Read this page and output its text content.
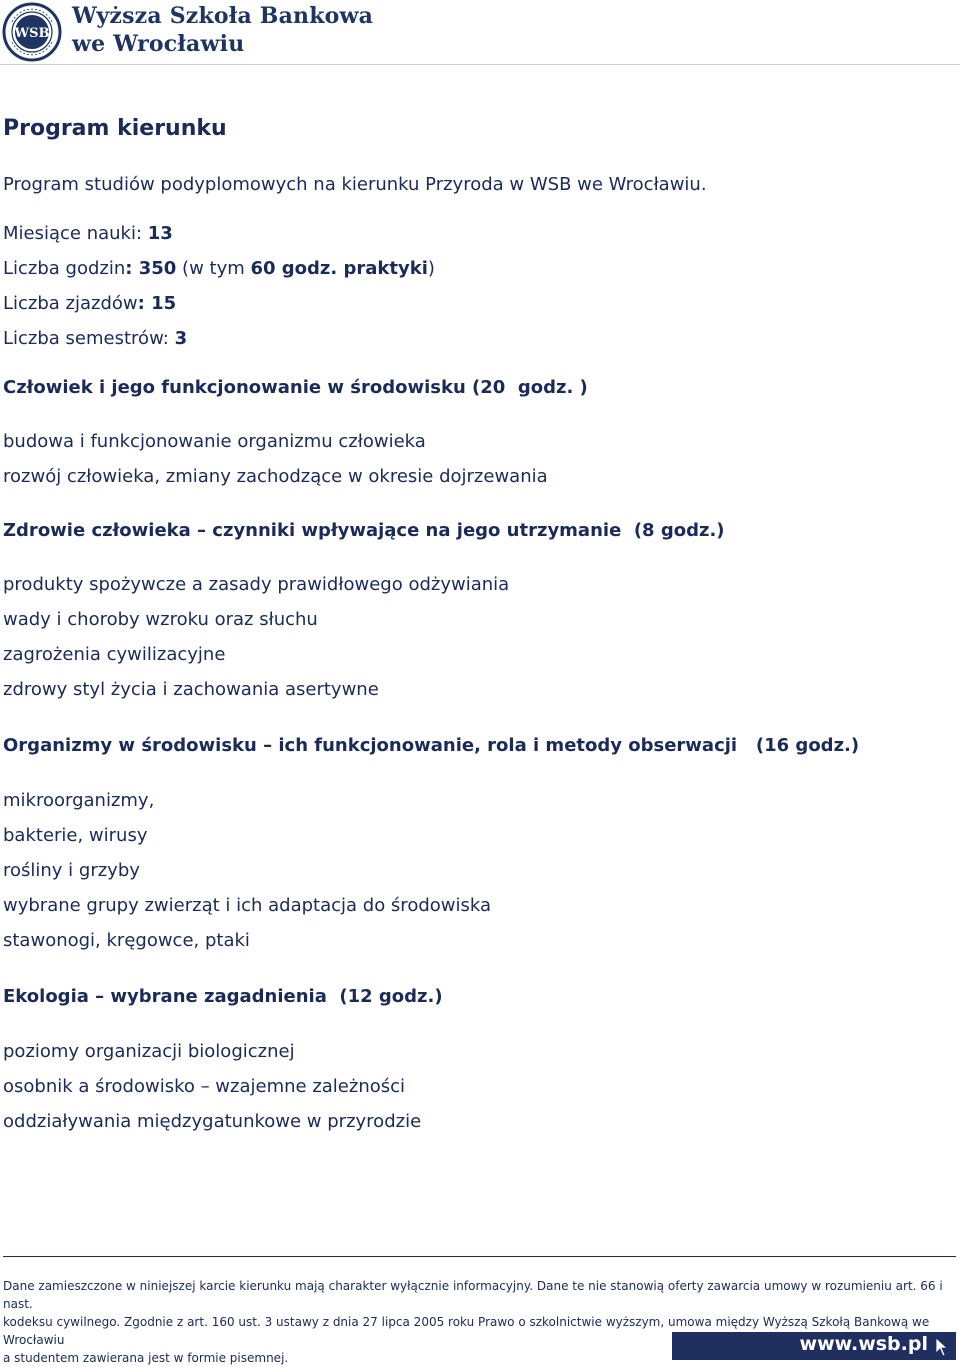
WSB
Wyższa Szkoła Bankowa
we Wrocławiu
Program kierunku
Program studiów podyplomowych na kierunku Przyroda w WSB we Wrocławiu.
Miesiące nauki: 13
Liczba godzin: 350 (w tym 60 godz. praktyki)
Liczba zjazdów: 15
Liczba semestrów: 3
Człowiek i jego funkcjonowanie w środowisku (20  godz. )
budowa i funkcjonowanie organizmu człowieka
rozwój człowieka, zmiany zachodzące w okresie dojrzewania
Zdrowie człowieka – czynniki wpływające na jego utrzymanie  (8 godz.)
produkty spożywcze a zasady prawidłowego odżywiania
wady i choroby wzroku oraz słuchu
zagrożenia cywilizacyjne
zdrowy styl życia i zachowania asertywne
Organizmy w środowisku – ich funkcjonowanie, rola i metody obserwacji   (16 godz.)
mikroorganizmy,
bakterie, wirusy
rośliny i grzyby
wybrane grupy zwierząt i ich adaptacja do środowiska
stawonogi, kręgowce, ptaki
Ekologia – wybrane zagadnienia  (12 godz.)
poziomy organizacji biologicznej
osobnik a środowisko – wzajemne zależności
oddziaływania międzygatunkowe w przyrodzie
Dane zamieszczone w niniejszej karcie kierunku mają charakter wyłącznie informacyjny. Dane te nie stanowią oferty zawarcia umowy w rozumieniu art. 66 i nast.
kodeksu cywilnego. Zgodnie z art. 160 ust. 3 ustawy z dnia 27 lipca 2005 roku Prawo o szkolnictwie wyższym, umowa między Wyższą Szkołą Bankową we Wrocławiu
a studentem zawierana jest w formie pisemnej.
www.wsb.pl
